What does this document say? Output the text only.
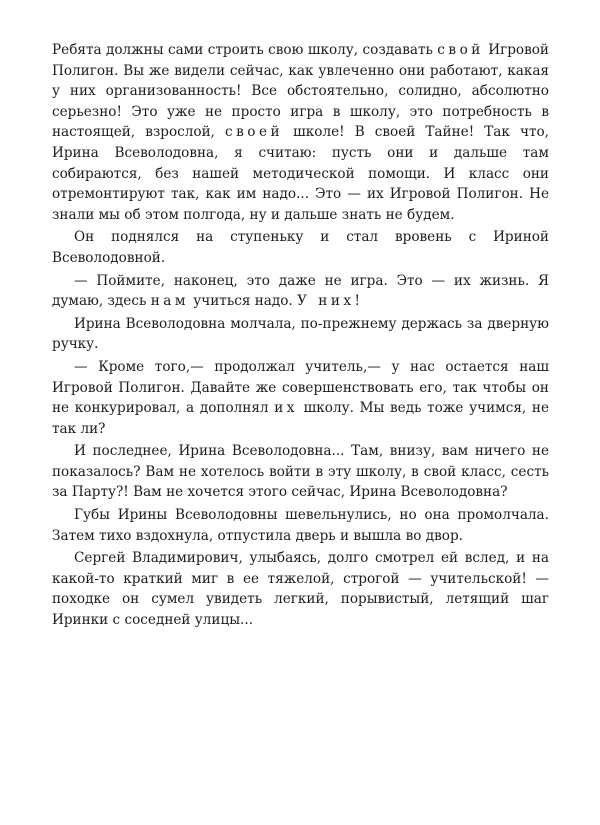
Ребята должны сами строить свою школу, создавать свой Игровой Полигон. Вы же видели сейчас, как увлеченно они работают, какая у них организованность! Все обстоятельно, солидно, абсолютно серьезно! Это уже не просто игра в школу, это потребность в настоящей, взрослой, своей школе! В своей Тайне! Так что, Ирина Всеволодовна, я считаю: пусть они и дальше там собираются, без нашей методической помощи. И класс они отремонтируют так, как им надо... Это — их Игровой Полигон. Не знали мы об этом полгода, ну и дальше знать не будем.

Он поднялся на ступеньку и стал вровень с Ириной Всеволодовной.

— Поймите, наконец, это даже не игра. Это — их жизнь. Я думаю, здесь нам учиться надо. У них!

Ирина Всеволодовна молчала, по-прежнему держась за дверную ручку.

— Кроме того,— продолжал учитель,— у нас остается наш Игровой Полигон. Давайте же совершенствовать его, так чтобы он не конкурировал, а дополнял их школу. Мы ведь тоже учимся, не так ли?

И последнее, Ирина Всеволодовна... Там, внизу, вам ничего не показалось? Вам не хотелось войти в эту школу, в свой класс, сесть за Парту?! Вам не хочется этого сейчас, Ирина Всеволодовна?

Губы Ирины Всеволодовны шевельнулись, но она промолчала. Затем тихо вздохнула, отпустила дверь и вышла во двор.

Сергей Владимирович, улыбаясь, долго смотрел ей вслед, и на какой-то краткий миг в ее тяжелой, строгой — учительской! — походке он сумел увидеть легкий, порывистый, летящий шаг Иринки с соседней улицы...
